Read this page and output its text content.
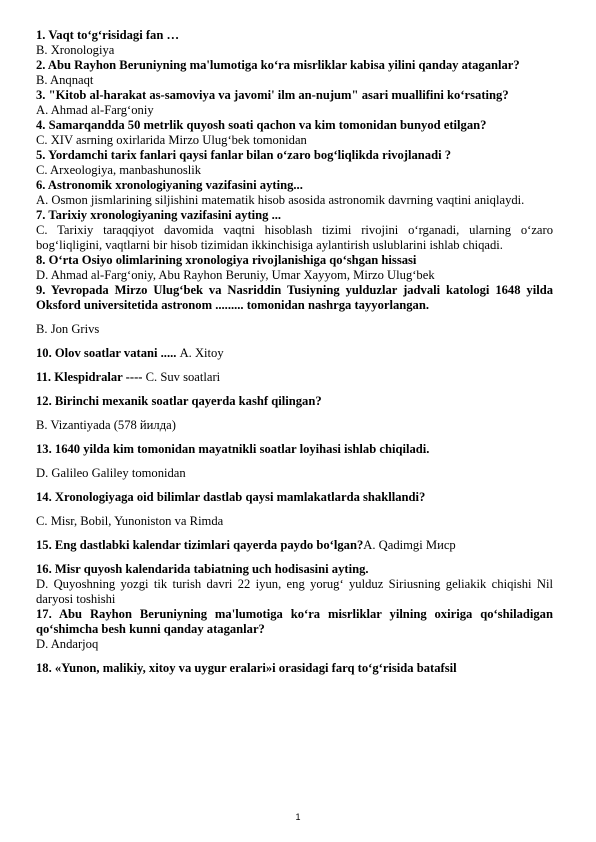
1. Vaqt to‘g‘risidagi fan …

B. Xronologiya

2. Abu Rayhon Beruniyning ma'lumotiga ko‘ra misrliklar kabisa yilini qanday ataganlar?

B. Anqnaqt

3. "Kitob al-harakat as-samoviya va javomi' ilm an-nujum" asari muallifini ko‘rsating?

A. Ahmad al-Farg‘oniy

4. Samarqandda 50 metrlik quyosh soati qachon va kim tomonidan bunyod etilgan?

C. XIV asrning oxirlarida Mirzo Ulug‘bek tomonidan

5. Yordamchi tarix fanlari qaysi fanlar bilan o‘zaro bog‘liqlikda rivojlanadi ?

C. Arxeologiya, manbashunoslik

6. Astronomik xronologiyaning vazifasini ayting...

A. Osmon jismlarining siljishini matematik hisob asosida astronomik davrning vaqtini aniqlaydi.

7. Tarixiy xronologiyaning vazifasini ayting ...

C. Tarixiy taraqqiyot davomida vaqtni hisoblash tizimi rivojini o‘rganadi, ularning o‘zaro bog‘liqligini, vaqtlarni bir hisob tizimidan ikkinchisiga aylantirish uslublarini ishlab chiqadi.

8. O‘rta Osiyo olimlarining xronologiya rivojlanishiga qo‘shgan hissasi

D. Ahmad al-Farg‘oniy, Abu Rayhon Beruniy, Umar Xayyom, Mirzo Ulug‘bek

9. Yevropada Mirzo Ulug‘bek va Nasriddin Tusiyning yulduzlar jadvali katologi 1648 yilda Oksford universitetida astronom ......... tomonidan nashrga tayyorlangan.

B. Jon Grivs

10. Olov soatlar vatani ..... A. Xitoy

11. Klespidralar ---- C. Suv soatlari

12. Birinchi mexanik soatlar qayerda kashf qilingan?

B. Vizantiyada (578 йилда)

13. 1640 yilda kim tomonidan mayatnikli soatlar loyihasi ishlab chiqiladi.

D. Galileo Galiley tomonidan

14. Xronologiyaga oid bilimlar dastlab qaysi mamlakatlarda shakllandi?

C. Misr, Bobil, Yunoniston va Rimda

15. Eng dastlabki kalendar tizimlari qayerda paydo bo‘lgan?A. Qadimgi Миср

16. Misr quyosh kalendarida tabiatning uch hodisasini ayting.

D. Quyoshning yozgi tik turish davri 22 iyun, eng yorug‘ yulduz Siriusning geliakik chiqishi Nil daryosi toshishi

17. Abu Rayhon Beruniyning ma'lumotiga ko‘ra misrliklar yilning oxiriga qo‘shiladigan qo‘shimcha besh kunni qanday ataganlar?

D. Andarjoq

18. «Yunon, malikiy, xitoy va uygur eralari»i orasidagi farq to‘g‘risida batafsil

1
